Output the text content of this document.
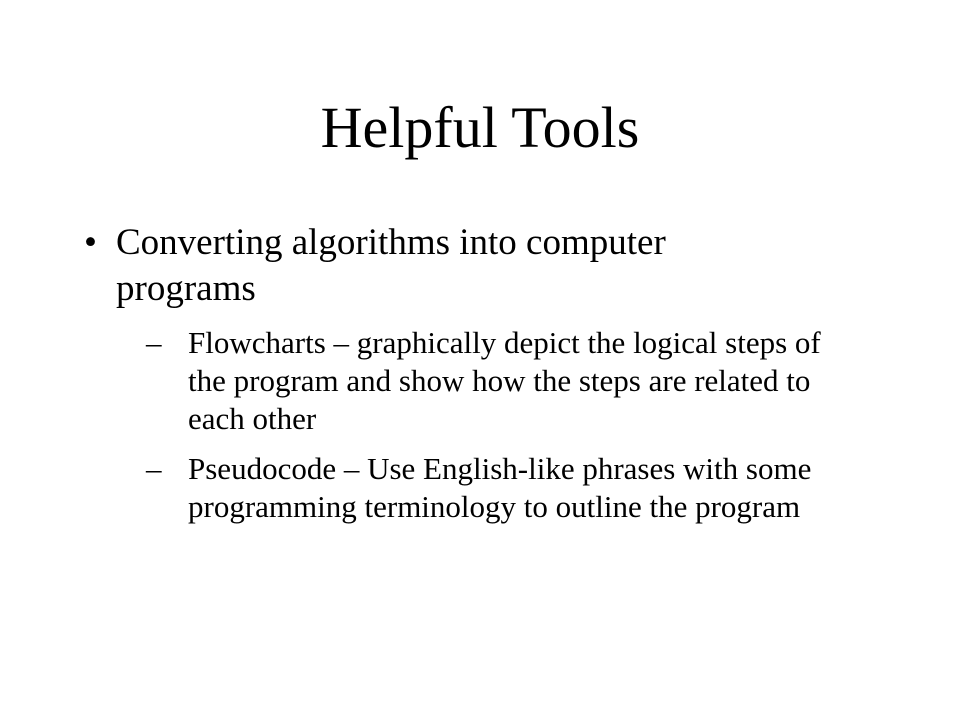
Helpful Tools
• Converting algorithms into computer programs
– Flowcharts – graphically depict the logical steps of the program and show how the steps are related to each other
– Pseudocode – Use English-like phrases with some programming terminology to outline the program
